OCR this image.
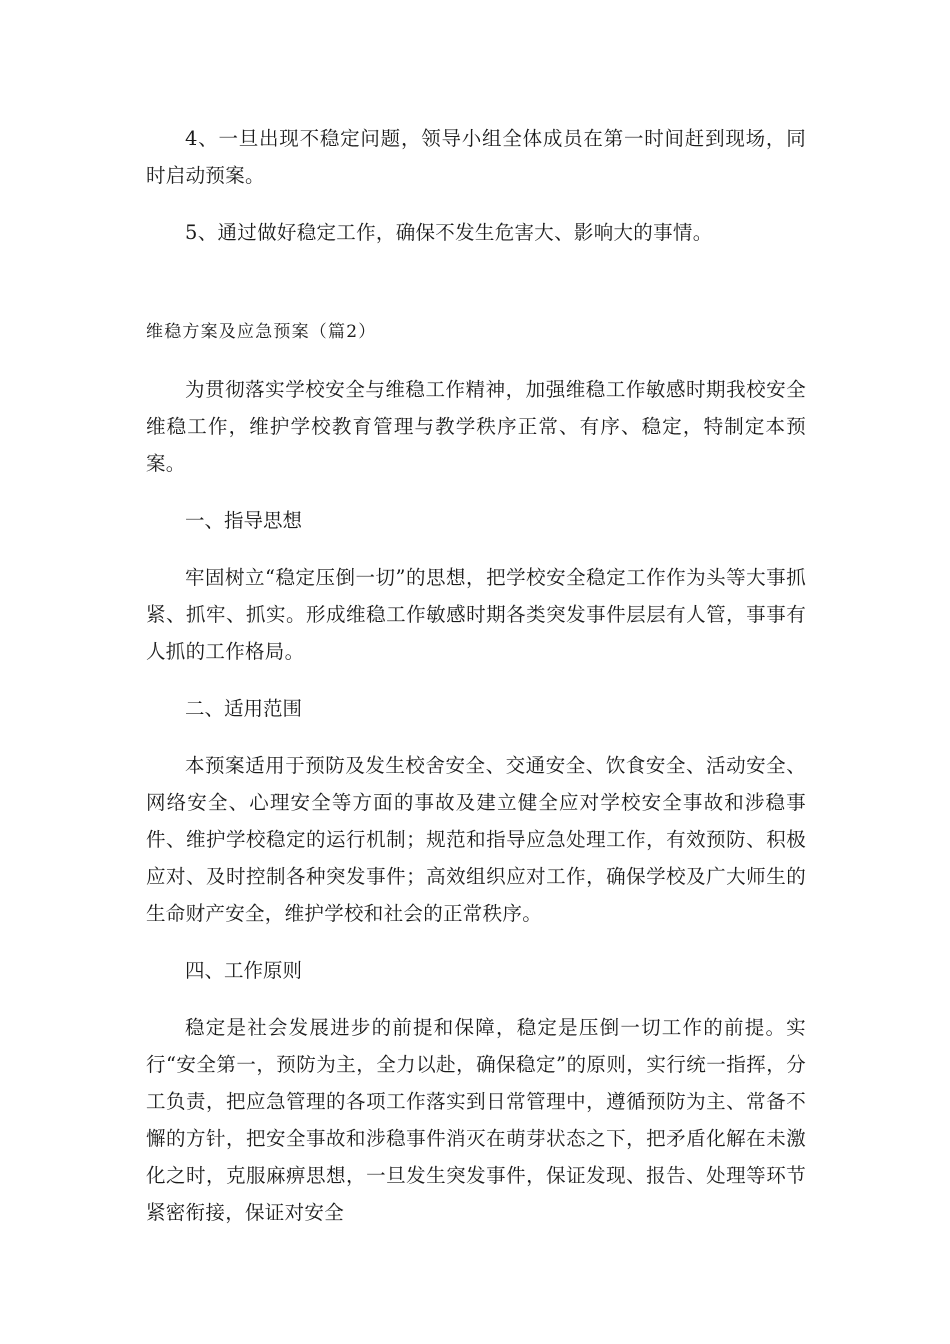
4、一旦出现不稳定问题，领导小组全体成员在第一时间赶到现场，同时启动预案。

5、通过做好稳定工作，确保不发生危害大、影响大的事情。

维稳方案及应急预案（篇2）

为贯彻落实学校安全与维稳工作精神，加强维稳工作敏感时期我校安全维稳工作，维护学校教育管理与教学秩序正常、有序、稳定，特制定本预案。

一、指导思想

牢固树立“稳定压倒一切”的思想，把学校安全稳定工作作为头等大事抓紧、抓牢、抓实。形成维稳工作敏感时期各类突发事件层层有人管，事事有人抓的工作格局。

二、适用范围

本预案适用于预防及发生校舍安全、交通安全、饮食安全、活动安全、网络安全、心理安全等方面的事故及建立健全应对学校安全事故和涉稳事件、维护学校稳定的运行机制；规范和指导应急处理工作，有效预防、积极应对、及时控制各种突发事件；高效组织应对工作，确保学校及广大师生的生命财产安全，维护学校和社会的正常秩序。

四、工作原则

稳定是社会发展进步的前提和保障，稳定是压倒一切工作的前提。实行“安全第一，预防为主，全力以赴，确保稳定”的原则，实行统一指挥，分工负责，把应急管理的各项工作落实到日常管理中，遵循预防为主、常备不懈的方针，把安全事故和涉稳事件消灭在萌芽状态之下，把矛盾化解在未激化之时，克服麻痹思想，一旦发生突发事件，保证发现、报告、处理等环节紧密衔接，保证对安全
